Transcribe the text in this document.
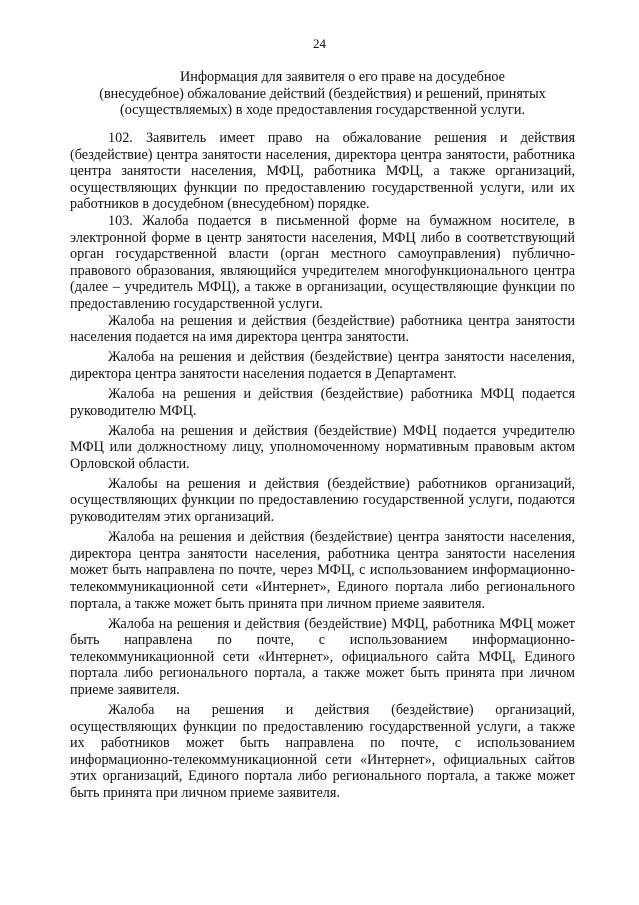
24
Информация для заявителя о его праве на досудебное
(внесудебное) обжалование действий (бездействия) и решений, принятых
(осуществляемых) в ходе предоставления государственной услуги.

102. Заявитель имеет право на обжалование решения и действия (бездействие) центра занятости населения, директора центра занятости, работника центра занятости населения, МФЦ, работника МФЦ, а также организаций, осуществляющих функции по предоставлению государственной услуги, или их работников в досудебном (внесудебном) порядке.

103. Жалоба подается в письменной форме на бумажном носителе, в электронной форме в центр занятости населения, МФЦ либо в соответствующий орган государственной власти (орган местного самоуправления) публично-правового образования, являющийся учредителем многофункционального центра (далее – учредитель МФЦ), а также в организации, осуществляющие функции по предоставлению государственной услуги.

Жалоба на решения и действия (бездействие) работника центра занятости населения подается на имя директора центра занятости.

Жалоба на решения и действия (бездействие) центра занятости населения, директора центра занятости населения подается в Департамент.

Жалоба на решения и действия (бездействие) работника МФЦ подается руководителю МФЦ.

Жалоба на решения и действия (бездействие) МФЦ подается учредителю МФЦ или должностному лицу, уполномоченному нормативным правовым актом Орловской области.

Жалобы на решения и действия (бездействие) работников организаций, осуществляющих функции по предоставлению государственной услуги, подаются руководителям этих организаций.

Жалоба на решения и действия (бездействие) центра занятости населения, директора центра занятости населения, работника центра занятости населения может быть направлена по почте, через МФЦ, с использованием информационно-телекоммуникационной сети «Интернет», Единого портала либо регионального портала, а также может быть принята при личном приеме заявителя.

Жалоба на решения и действия (бездействие) МФЦ, работника МФЦ может быть направлена по почте, с использованием информационно-телекоммуникационной сети «Интернет», официального сайта МФЦ, Единого портала либо регионального портала, а также может быть принята при личном приеме заявителя.

Жалоба на решения и действия (бездействие) организаций, осуществляющих функции по предоставлению государственной услуги, а также их работников может быть направлена по почте, с использованием информационно-телекоммуникационной сети «Интернет», официальных сайтов этих организаций, Единого портала либо регионального портала, а также может быть принята при личном приеме заявителя.
